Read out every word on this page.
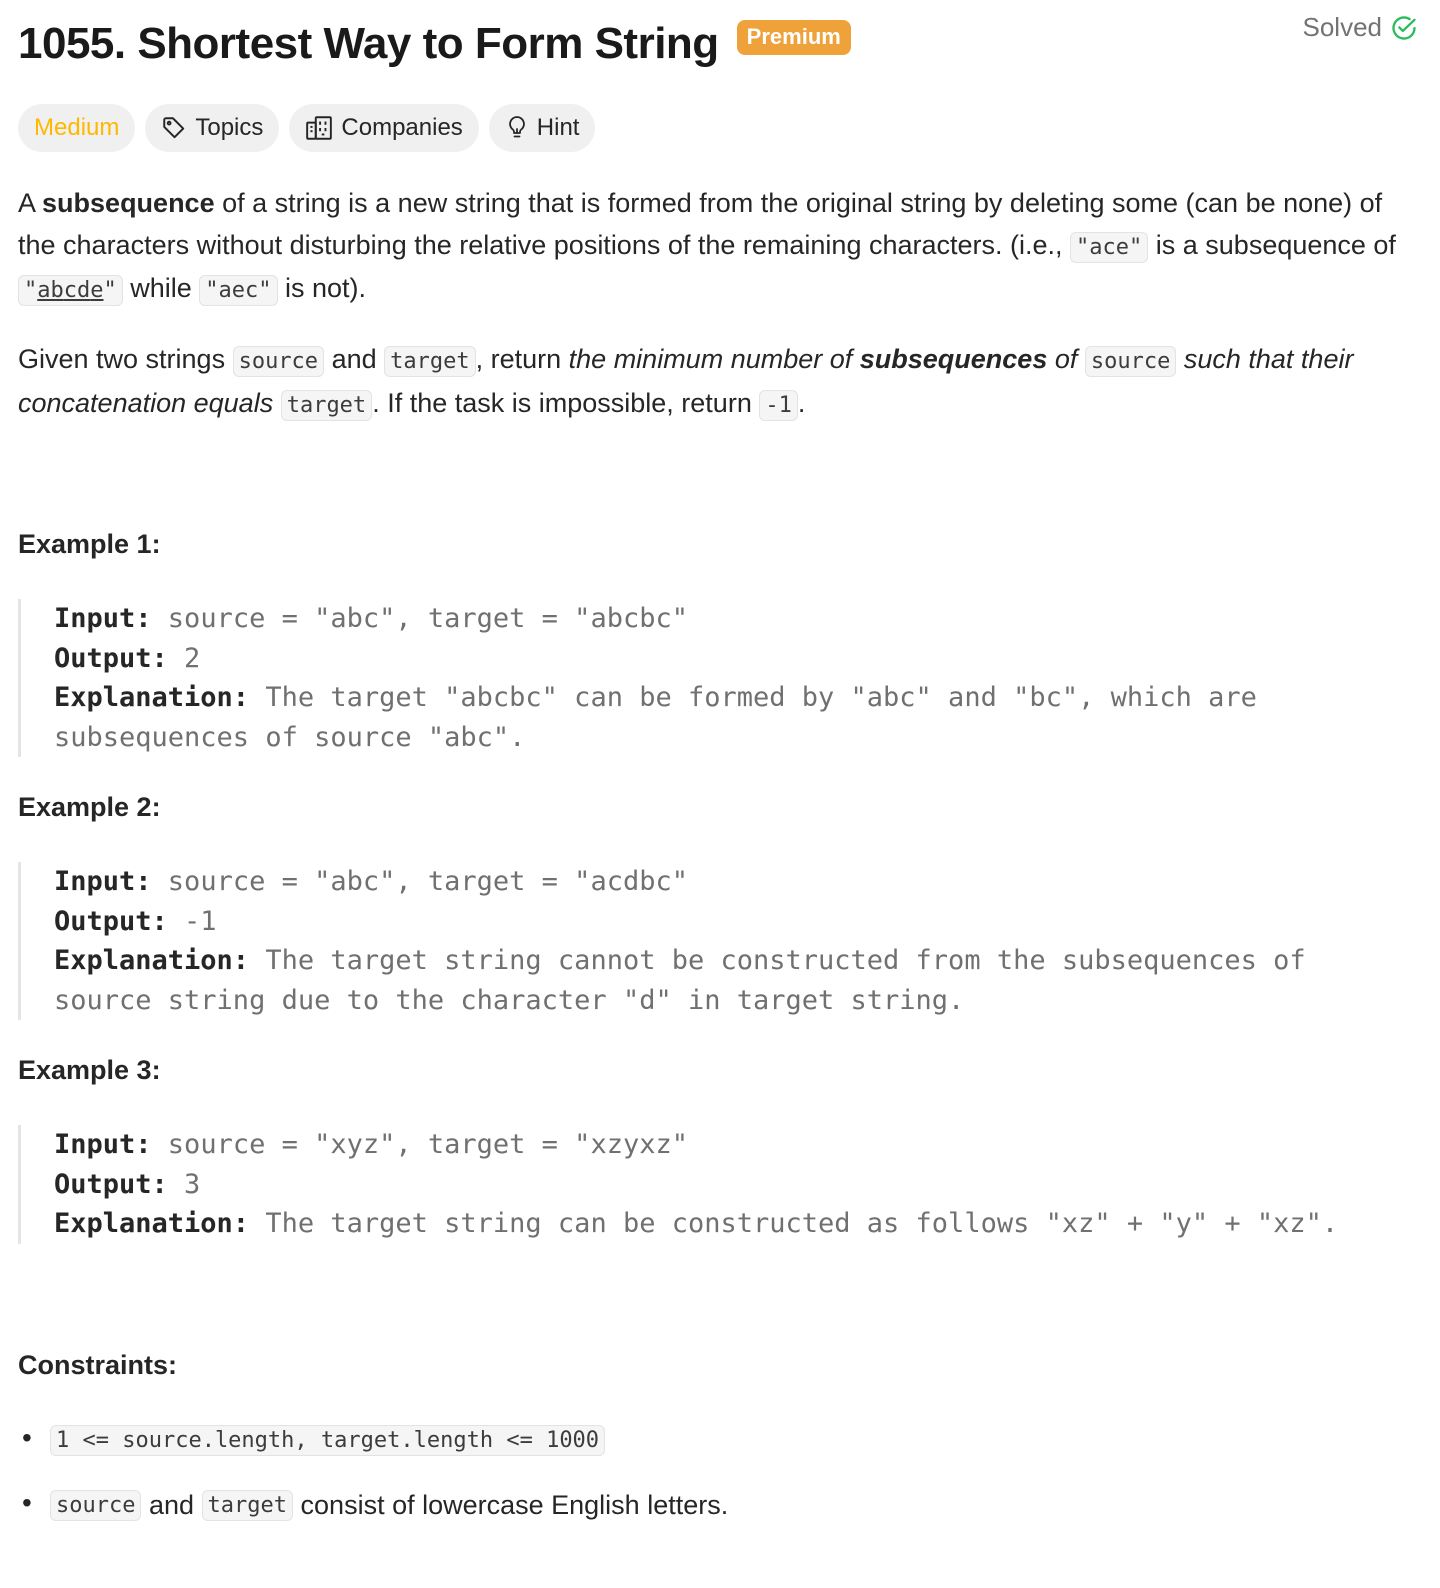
1055. Shortest Way to Form String	Premium	Solved
Medium	Topics	Companies	Hint
A subsequence of a string is a new string that is formed from the original string by deleting some (can be none) of the characters without disturbing the relative positions of the remaining characters. (i.e., "ace" is a subsequence of "abcde" while "aec" is not).
Given two strings source and target , return the minimum number of subsequences of source such that their concatenation equals target . If the task is impossible, return -1 .
Example 1:
Input: source = "abc", target = "abcbc"
Output: 2
Explanation: The target "abcbc" can be formed by "abc" and "bc", which are
subsequences of source "abc".
Example 2:
Input: source = "abc", target = "acdbc"
Output: -1
Explanation: The target string cannot be constructed from the subsequences of
source string due to the character "d" in target string.
Example 3:
Input: source = "xyz", target = "xzyxz"
Output: 3
Explanation: The target string can be constructed as follows "xz" + "y" + "xz".
Constraints:
• 1 <= source.length, target.length <= 1000
• source and target consist of lowercase English letters.
